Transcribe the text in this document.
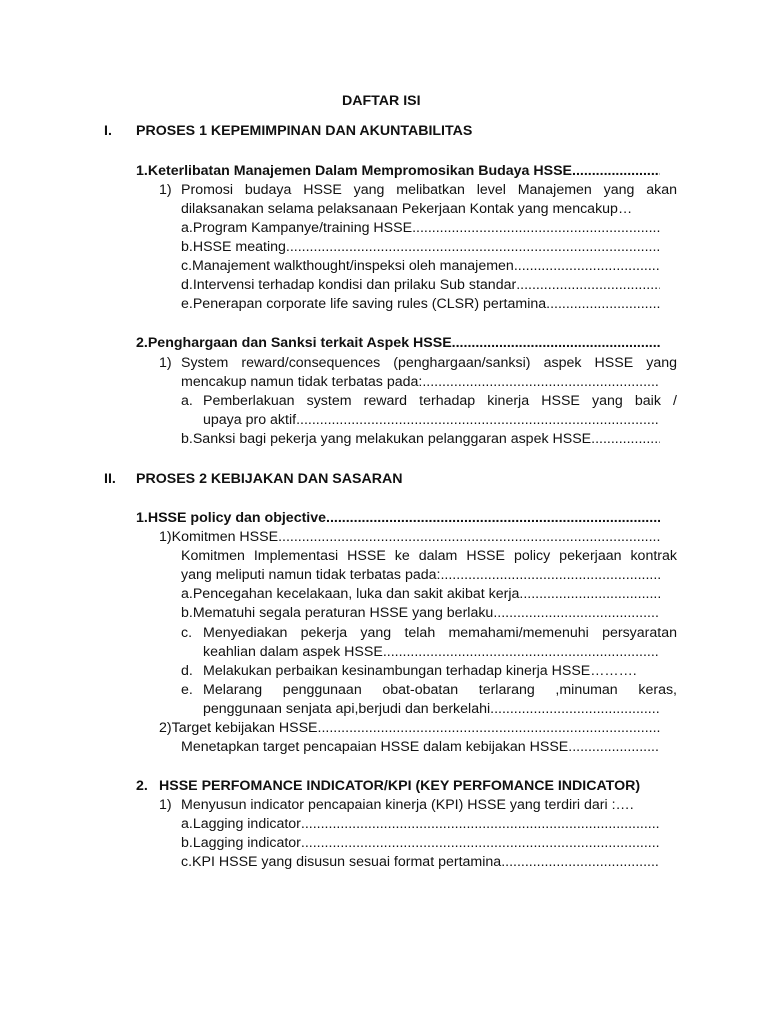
DAFTAR ISI
I. PROSES 1 KEPEMIMPINAN DAN AKUNTABILITAS
1. Keterlibatan Manajemen Dalam Mempromosikan Budaya HSSE
.....
1) Promosi budaya HSSE yang melibatkan level Manajemen yang akan
dilaksanakan selama pelaksanaan Pekerjaan Kontak yang mencakup…
a. Program Kampanye/training HSSE
.....
b. HSSE meating
.....
c. Manajement walkthought/inspeksi oleh manajemen
.....
d. Intervensi terhadap kondisi dan prilaku Sub standar
.....
e. Penerapan corporate life saving rules (CLSR) pertamina
.....
2. Penghargaan dan Sanksi terkait Aspek HSSE
.....
1) System reward/consequences (penghargaan/sanksi) aspek HSSE yang
mencakup namun tidak terbatas pada:
.....
a. Pemberlakuan system reward terhadap kinerja HSSE yang baik /
upaya pro aktif
.....
b. Sanksi bagi pekerja yang melakukan pelanggaran aspek HSSE
.....
II. PROSES 2 KEBIJAKAN DAN SASARAN
1. HSSE policy dan objective
.....
1) Komitmen HSSE
.....
Komitmen Implementasi HSSE ke dalam HSSE policy pekerjaan kontrak
yang meliputi namun tidak terbatas pada:
.....
a. Pencegahan kecelakaan, luka dan sakit akibat kerja
.....
b. Mematuhi segala peraturan HSSE yang berlaku
.....
c. Menyediakan pekerja yang telah memahami/memenuhi persyaratan
keahlian dalam aspek HSSE
.....
d. Melakukan perbaikan kesinambungan terhadap kinerja HSSE……….
e. Melarang penggunaan obat-obatan terlarang ,minuman keras,
penggunaan senjata api,berjudi dan berkelahi
.....
2) Target kebijakan HSSE
.....
Menetapkan target pencapaian HSSE dalam kebijakan HSSE
.....
2. HSSE PERFOMANCE INDICATOR/KPI (KEY PERFOMANCE INDICATOR)
1) Menyusun indicator pencapaian kinerja (KPI) HSSE yang terdiri dari :….
a. Lagging indicator
.....
b. Lagging indicator
.....
c. KPI HSSE yang disusun sesuai format pertamina
.....
